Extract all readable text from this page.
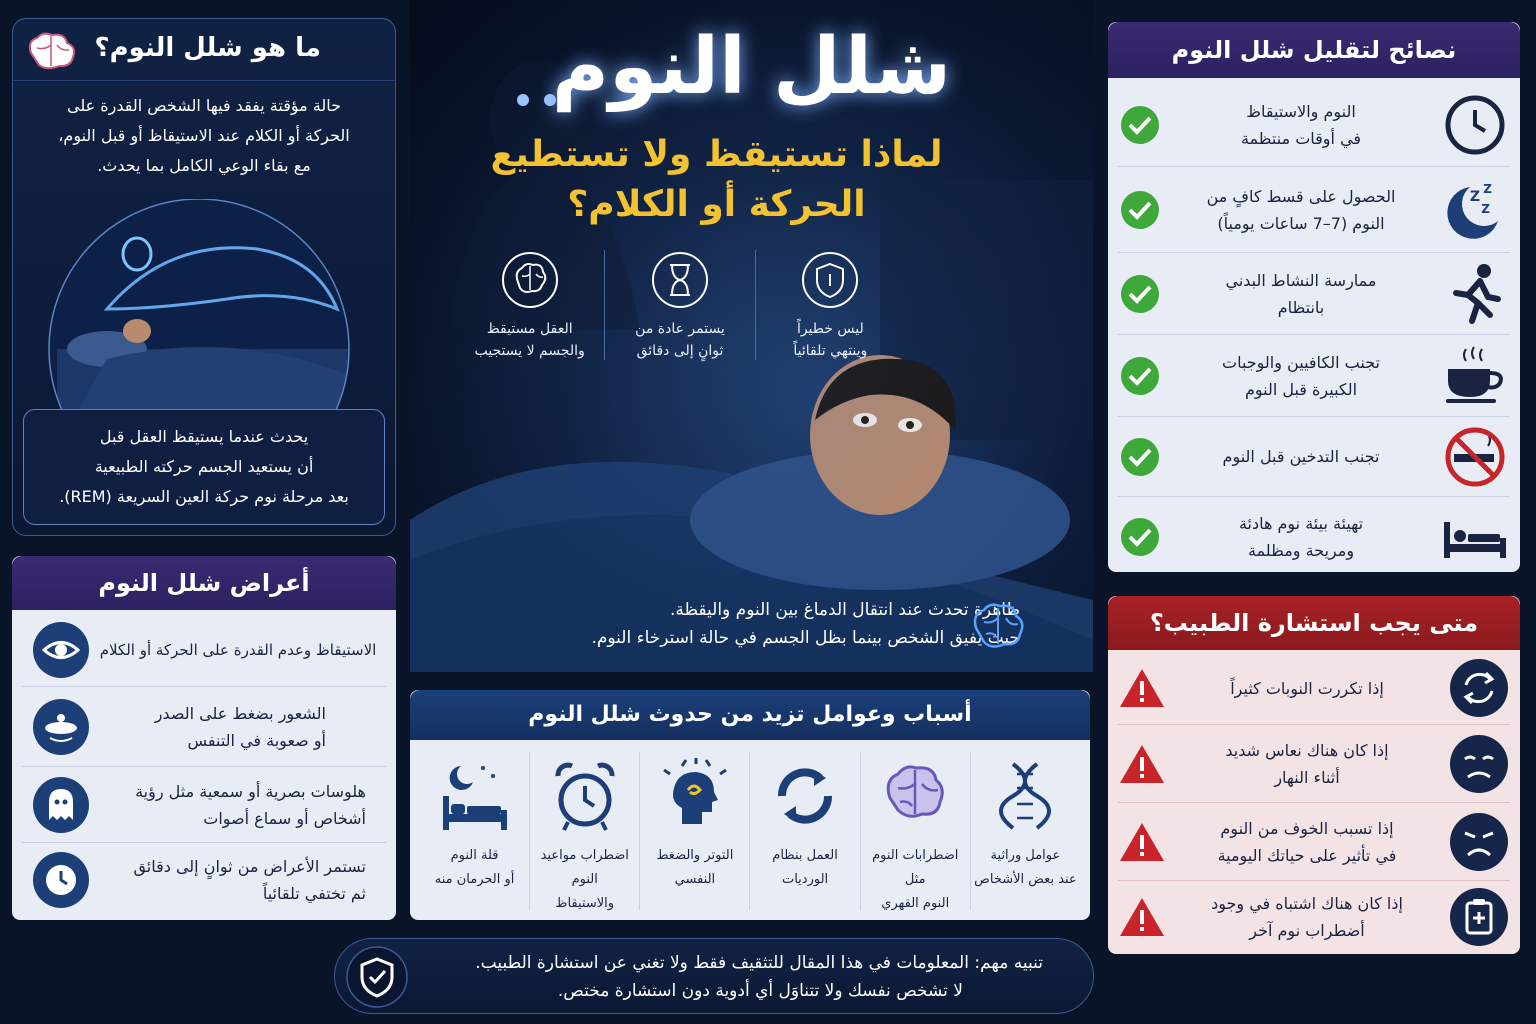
شلل النوم
لماذا تستيقظ ولا تستطيع
الحركة أو الكلام؟
ليس خطيراً
وينتهي تلقائياً
يستمر عادة من
ثوانٍ إلى دقائق
العقل مستيقظ
والجسم لا يستجيب
ظاهرة تحدث عند انتقال الدماغ بين النوم واليقظة.
حيث يفيق الشخص بينما بظل الجسم في حالة استرخاء النوم.
ما هو شلل النوم؟
حالة مؤقتة يفقد فيها الشخص القدرة على
الحركة أو الكلام عند الاستيقاظ أو قبل النوم،
مع بقاء الوعي الكامل بما يحدث.
يحدث عندما يستيقظ العقل قبل
أن يستعيد الجسم حركته الطبيعية
بعد مرحلة نوم حركة العين السريعة (REM).
أعراض شلل النوم
الاستيقاظ وعدم القدرة على الحركة أو الكلام
الشعور بضغط على الصدر
أو صعوبة في التنفس
هلوسات بصرية أو سمعية مثل رؤية
أشخاص أو سماع أصوات
تستمر الأعراض من ثوانٍ إلى دقائق
ثم تختفي تلقائياً
أسباب وعوامل تزيد من حدوث شلل النوم
عوامل وراثية
عند بعض الأشخاص
اضطرابات النوم مثل
النوم القهري
العمل بنظام
الورديات
التوتر والضغط
النفسي
اضطراب مواعيد النوم
والاستيقاظ
قلة النوم
أو الحرمان منه
نصائح لتقليل شلل النوم
النوم والاستيقاظ
في أوقات منتظمة
Z Z
Z
الحصول على قسط كافٍ من
النوم (7–7 ساعات يومياً)
ممارسة النشاط البدني
بانتظام
تجنب الكافيين والوجبات
الكبيرة قبل النوم
تجنب التدخين قبل النوم
تهيئة بيئة نوم هادئة
ومريحة ومظلمة
متى يجب استشارة الطبيب؟
إذا تكررت النوبات كثيراً
إذا كان هناك نعاس شديد
أثناء النهار
إذا تسبب الخوف من النوم
في تأثير على حياتك اليومية
إذا كان هناك اشتباه في وجود
أضطراب نوم آخر
تنبيه مهم: المعلومات في هذا المقال للتثقيف فقط ولا تغني عن استشارة الطبيب.
لا تشخص نفسك ولا تتناوَل أي أدوية دون استشارة مختص.
